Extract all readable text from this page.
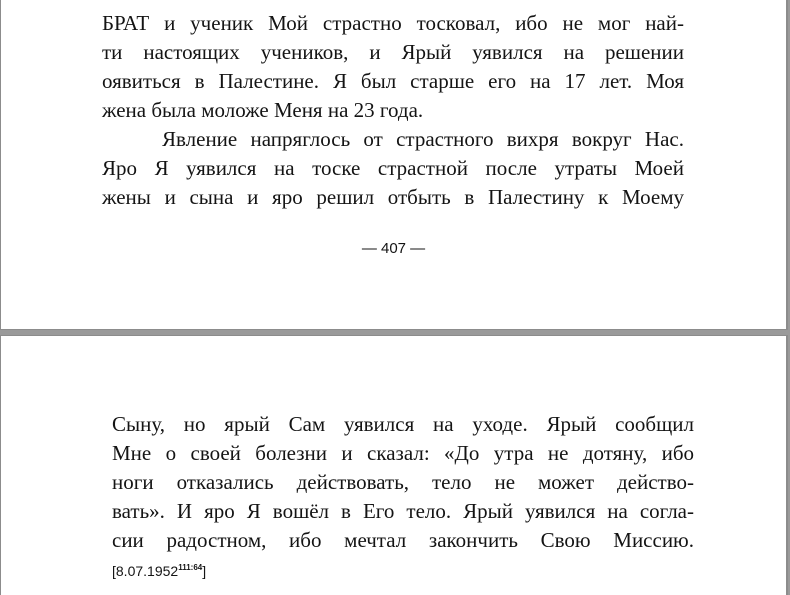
БРАТ и ученик Мой страстно тосковал, ибо не мог най-
ти настоящих учеников, и Ярый уявился на решении
оявиться в Палестине. Я был старше его на 17 лет. Моя
жена была моложе Меня на 23 года.

Явление напряглось от страстного вихря вокруг Нас.
Яро Я уявился на тоске страстной после утраты Моей
жены и сына и яро решил отбыть в Палестину к Моему

— 407 —

Сыну, но ярый Сам уявился на уходе. Ярый сообщил
Мне о своей болезни и сказал: «До утра не дотяну, ибо
ноги отказались действовать, тело не может действо-
вать». И яро Я вошёл в Его тело. Ярый уявился на согла-
сии радостном, ибо мечтал закончить Свою Миссию.

$[8.07.1952^{111:64}]$
